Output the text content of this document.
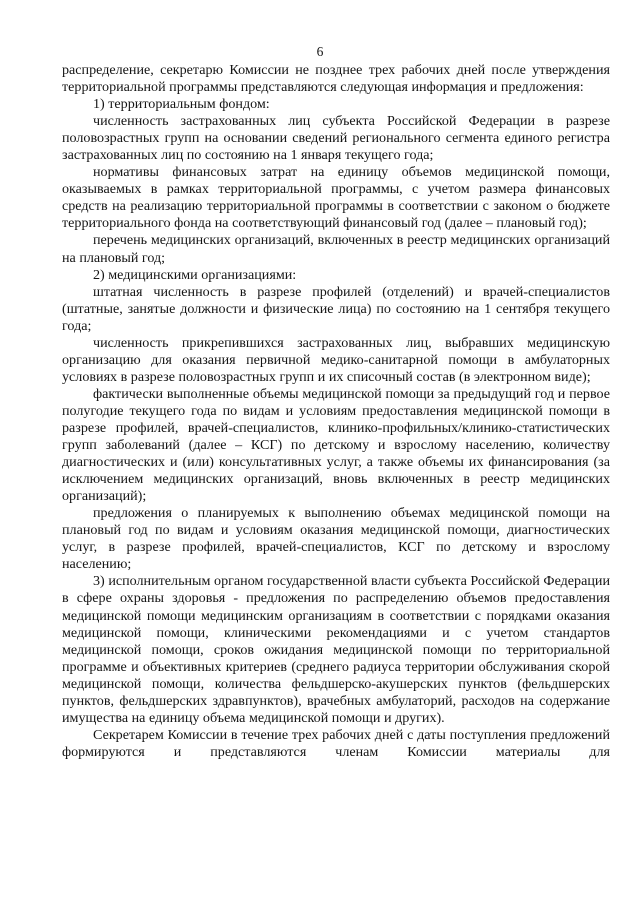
6

распределение, секретарю Комиссии не позднее трех рабочих дней после утверждения территориальной программы представляются следующая информация и предложения:

1) территориальным фондом:

численность застрахованных лиц субъекта Российской Федерации в разрезе половозрастных групп на основании сведений регионального сегмента единого регистра застрахованных лиц по состоянию на 1 января текущего года;

нормативы финансовых затрат на единицу объемов медицинской помощи, оказываемых в рамках территориальной программы, с учетом размера финансовых средств на реализацию территориальной программы в соответствии с законом о бюджете территориального фонда на соответствующий финансовый год (далее – плановый год);

перечень медицинских организаций, включенных в реестр медицинских организаций на плановый год;

2) медицинскими организациями:

штатная численность в разрезе профилей (отделений) и врачей-специалистов (штатные, занятые должности и физические лица) по состоянию на 1 сентября текущего года;

численность прикрепившихся застрахованных лиц, выбравших медицинскую организацию для оказания первичной медико-санитарной помощи в амбулаторных условиях в разрезе половозрастных групп и их списочный состав (в электронном виде);

фактически выполненные объемы медицинской помощи за предыдущий год и первое полугодие текущего года по видам и условиям предоставления медицинской помощи в разрезе профилей, врачей-специалистов, клинико-профильных/клинико-статистических групп заболеваний (далее – КСГ) по детскому и взрослому населению, количеству диагностических и (или) консультативных услуг, а также объемы их финансирования (за исключением медицинских организаций, вновь включенных в реестр медицинских организаций);

предложения о планируемых к выполнению объемах медицинской помощи на плановый год по видам и условиям оказания медицинской помощи, диагностических услуг, в разрезе профилей, врачей-специалистов, КСГ по детскому и взрослому населению;

3) исполнительным органом государственной власти субъекта Российской Федерации в сфере охраны здоровья - предложения по распределению объемов предоставления медицинской помощи медицинским организациям в соответствии с порядками оказания медицинской помощи, клиническими рекомендациями и с учетом стандартов медицинской помощи, сроков ожидания медицинской помощи по территориальной программе и объективных критериев (среднего радиуса территории обслуживания скорой медицинской помощи, количества фельдшерско-акушерских пунктов (фельдшерских пунктов, фельдшерских здравпунктов), врачебных амбулаторий, расходов на содержание имущества на единицу объема медицинской помощи и других).

Секретарем Комиссии в течение трех рабочих дней с даты поступления предложений формируются и представляются членам Комиссии материалы для
